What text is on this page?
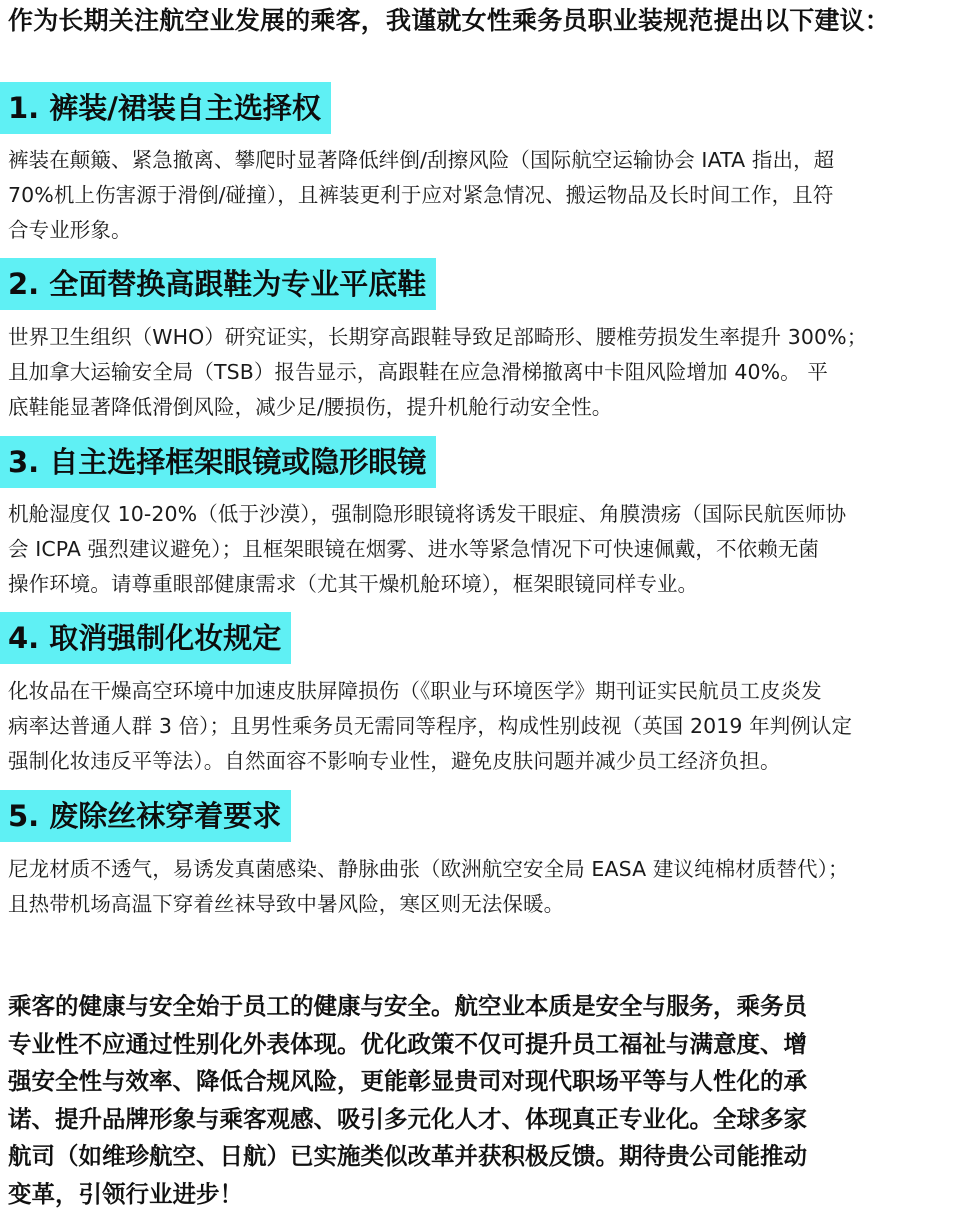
作为长期关注航空业发展的乘客，我谨就女性乘务员职业装规范提出以下建议：
1. 裤装/裙装自主选择权
裤装在颠簸、紧急撤离、攀爬时显著降低绊倒/刮擦风险（国际航空运输协会 IATA 指出，超
70%机上伤害源于滑倒/碰撞），且裤装更利于应对紧急情况、搬运物品及长时间工作，且符
合专业形象。
2. 全面替换高跟鞋为专业平底鞋
世界卫生组织（WHO）研究证实，长期穿高跟鞋导致足部畸形、腰椎劳损发生率提升 300%；
且加拿大运输安全局（TSB）报告显示，高跟鞋在应急滑梯撤离中卡阻风险增加 40%。 平
底鞋能显著降低滑倒风险，减少足/腰损伤，提升机舱行动安全性。
3. 自主选择框架眼镜或隐形眼镜
机舱湿度仅 10-20%（低于沙漠），强制隐形眼镜将诱发干眼症、角膜溃疡（国际民航医师协
会 ICPA 强烈建议避免）；且框架眼镜在烟雾、进水等紧急情况下可快速佩戴，不依赖无菌
操作环境。请尊重眼部健康需求（尤其干燥机舱环境），框架眼镜同样专业。
4. 取消强制化妆规定
化妆品在干燥高空环境中加速皮肤屏障损伤（《职业与环境医学》期刊证实民航员工皮炎发
病率达普通人群 3 倍）；且男性乘务员无需同等程序，构成性别歧视（英国 2019 年判例认定
强制化妆违反平等法）。自然面容不影响专业性，避免皮肤问题并减少员工经济负担。
5. 废除丝袜穿着要求
尼龙材质不透气，易诱发真菌感染、静脉曲张（欧洲航空安全局 EASA 建议纯棉材质替代）；
且热带机场高温下穿着丝袜导致中暑风险，寒区则无法保暖。
乘客的健康与安全始于员工的健康与安全。航空业本质是安全与服务，乘务员
专业性不应通过性别化外表体现。优化政策不仅可提升员工福祉与满意度、增
强安全性与效率、降低合规风险，更能彰显贵司对现代职场平等与人性化的承
诺、提升品牌形象与乘客观感、吸引多元化人才、体现真正专业化。全球多家
航司（如维珍航空、日航）已实施类似改革并获积极反馈。期待贵公司能推动
变革，引领行业进步！
